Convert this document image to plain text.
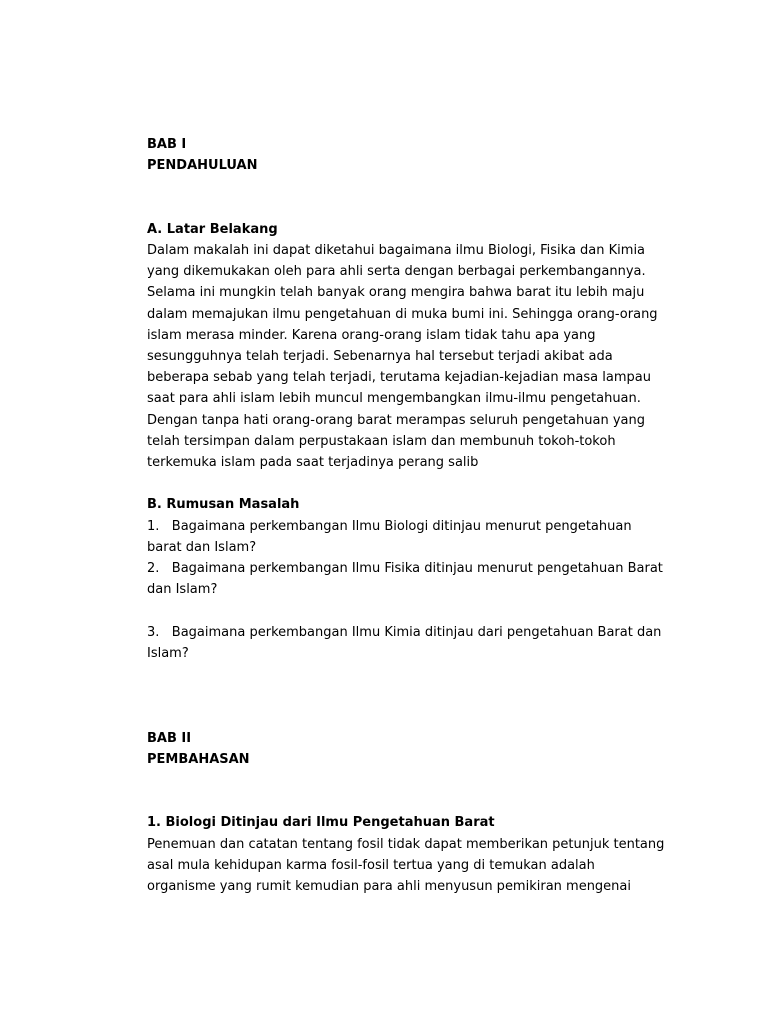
BAB I

PENDAHULUAN

A. Latar Belakang

Dalam makalah ini dapat diketahui bagaimana ilmu Biologi, Fisika dan Kimia yang dikemukakan oleh para ahli serta dengan berbagai perkembangannya. Selama ini mungkin telah banyak orang mengira bahwa barat itu lebih maju dalam memajukan ilmu pengetahuan di muka bumi ini. Sehingga orang-orang islam merasa minder. Karena orang-orang islam tidak tahu apa yang sesungguhnya telah terjadi. Sebenarnya hal tersebut terjadi akibat ada beberapa sebab yang telah terjadi, terutama kejadian-kejadian masa lampau saat para ahli islam lebih muncul mengembangkan ilmu-ilmu pengetahuan. Dengan tanpa hati orang-orang barat merampas seluruh pengetahuan yang telah tersimpan dalam perpustakaan islam dan membunuh tokoh-tokoh terkemuka islam pada saat terjadinya perang salib

B. Rumusan Masalah

1.   Bagaimana perkembangan Ilmu Biologi ditinjau menurut pengetahuan barat dan Islam?

2.   Bagaimana perkembangan Ilmu Fisika ditinjau menurut pengetahuan Barat dan Islam?

3.   Bagaimana perkembangan Ilmu Kimia ditinjau dari pengetahuan Barat dan Islam?

BAB II

PEMBAHASAN

1. Biologi Ditinjau dari Ilmu Pengetahuan Barat

Penemuan dan catatan tentang fosil tidak dapat memberikan petunjuk tentang asal mula kehidupan karma fosil-fosil tertua yang di temukan adalah organisme yang rumit kemudian para ahli menyusun pemikiran mengenai
